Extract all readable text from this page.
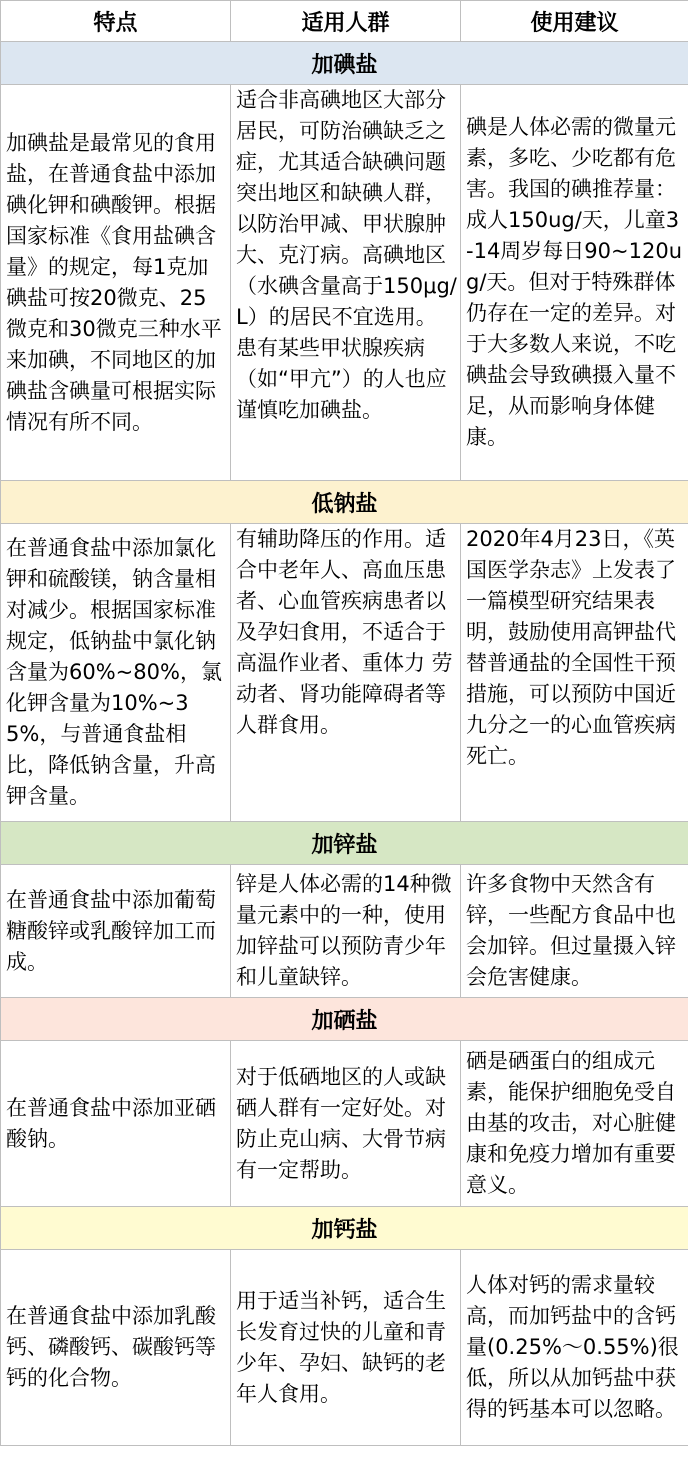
特点	适用人群	使用建议
加碘盐		
加碘盐是最常见的食用盐，在普通食盐中添加碘化钾和碘酸钾。根据国家标准《食用盐碘含量》的规定，每1克加碘盐可按20微克、25微克和30微克三种水平来加碘，不同地区的加碘盐含碘量可根据实际情况有所不同。	适合非高碘地区大部分居民，可防治碘缺乏之症，尤其适合缺碘问题突出地区和缺碘人群，以防治甲减、甲状腺肿大、克汀病。高碘地区（水碘含量高于150μg/L）的居民不宜选用。患有某些甲状腺疾病（如“甲亢”）的人也应谨慎吃加碘盐。	碘是人体必需的微量元素，多吃、少吃都有危害。我国的碘推荐量：成人150ug/天，儿童3-14周岁每日90~120ug/天。但对于特殊群体仍存在一定的差异。对于大多数人来说，不吃碘盐会导致碘摄入量不足，从而影响身体健康。
低钠盐		
在普通食盐中添加氯化钾和硫酸镁，钠含量相对减少。根据国家标准规定，低钠盐中氯化钠含量为60%~80%，氯化钾含量为10%~35%，与普通食盐相比，降低钠含量，升高钾含量。	有辅助降压的作用。适合中老年人、高血压患者、心血管疾病患者以及孕妇食用，不适合于高温作业者、重体力 劳动者、肾功能障碍者等人群食用。	2020年4月23日，《英国医学杂志》上发表了一篇模型研究结果表明，鼓励使用高钾盐代替普通盐的全国性干预措施，可以预防中国近九分之一的心血管疾病死亡。
加锌盐		
在普通食盐中添加葡萄糖酸锌或乳酸锌加工而成。	锌是人体必需的14种微量元素中的一种，使用加锌盐可以预防青少年和儿童缺锌。	许多食物中天然含有锌，一些配方食品中也会加锌。但过量摄入锌会危害健康。
加硒盐		
在普通食盐中添加亚硒酸钠。	对于低硒地区的人或缺硒人群有一定好处。对防止克山病、大骨节病有一定帮助。	硒是硒蛋白的组成元素，能保护细胞免受自由基的攻击，对心脏健康和免疫力增加有重要意义。
加钙盐		
在普通食盐中添加乳酸钙、磷酸钙、碳酸钙等钙的化合物。	用于适当补钙，适合生长发育过快的儿童和青少年、孕妇、缺钙的老年人食用。	人体对钙的需求量较高，而加钙盐中的含钙量(0.25%～0.55%)很低，所以从加钙盐中获得的钙基本可以忽略。
